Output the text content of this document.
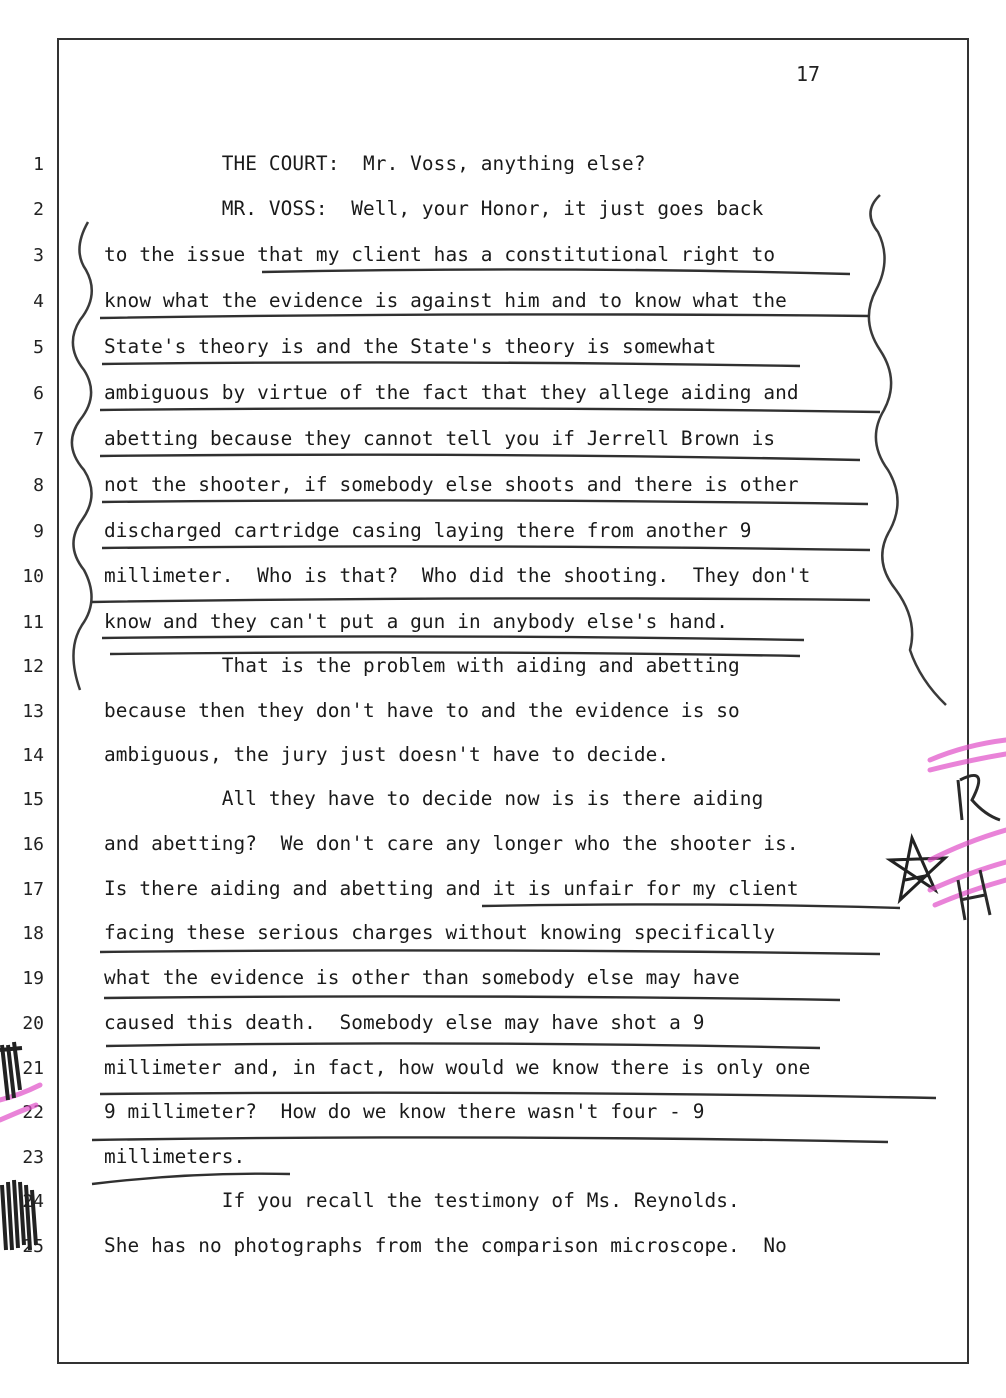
17
1	THE COURT:  Mr. Voss, anything else?
2	MR. VOSS:  Well, your Honor, it just goes back
3	to the issue that my client has a constitutional right to
4	know what the evidence is against him and to know what the
5	State's theory is and the State's theory is somewhat
6	ambiguous by virtue of the fact that they allege aiding and
7	abetting because they cannot tell you if Jerrell Brown is
8	not the shooter, if somebody else shoots and there is other
9	discharged cartridge casing laying there from another 9
10	millimeter.  Who is that?  Who did the shooting.  They don't
11	know and they can't put a gun in anybody else's hand.
12	That is the problem with aiding and abetting
13	because then they don't have to and the evidence is so
14	ambiguous, the jury just doesn't have to decide.
15	All they have to decide now is is there aiding
16	and abetting?  We don't care any longer who the shooter is.
17	Is there aiding and abetting and it is unfair for my client
18	facing these serious charges without knowing specifically
19	what the evidence is other than somebody else may have
20	caused this death.  Somebody else may have shot a 9
21	millimeter and, in fact, how would we know there is only one
22	9 millimeter?  How do we know there wasn't four - 9
23	millimeters.
24	If you recall the testimony of Ms. Reynolds.
25	She has no photographs from the comparison microscope.  No
